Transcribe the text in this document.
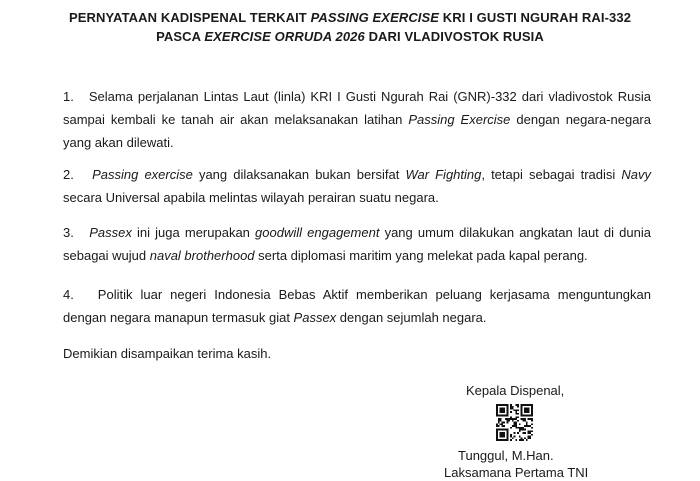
PERNYATAAN KADISPENAL TERKAIT PASSING EXERCISE KRI I GUSTI NGURAH RAI-332
PASCA EXERCISE ORRUDA 2026 DARI VLADIVOSTOK RUSIA
1.   Selama perjalanan Lintas Laut (linla) KRI I Gusti Ngurah Rai (GNR)-332 dari vladivostok Rusia
sampai kembali ke tanah air akan melaksanakan latihan Passing Exercise dengan negara-negara
yang akan dilewati.
2.   Passing exercise yang dilaksanakan bukan bersifat War Fighting, tetapi sebagai tradisi Navy
secara Universal apabila melintas wilayah perairan suatu negara.
3.   Passex ini juga merupakan goodwill engagement yang umum dilakukan angkatan laut di dunia
sebagai wujud naval brotherhood serta diplomasi maritim yang melekat pada kapal perang.
4.   Politik luar negeri Indonesia Bebas Aktif memberikan peluang kerjasama menguntungkan
dengan negara manapun termasuk giat Passex dengan sejumlah negara.
Demikian disampaikan terima kasih.
Kepala Dispenal,
Tunggul, M.Han.
Laksamana Pertama TNI
